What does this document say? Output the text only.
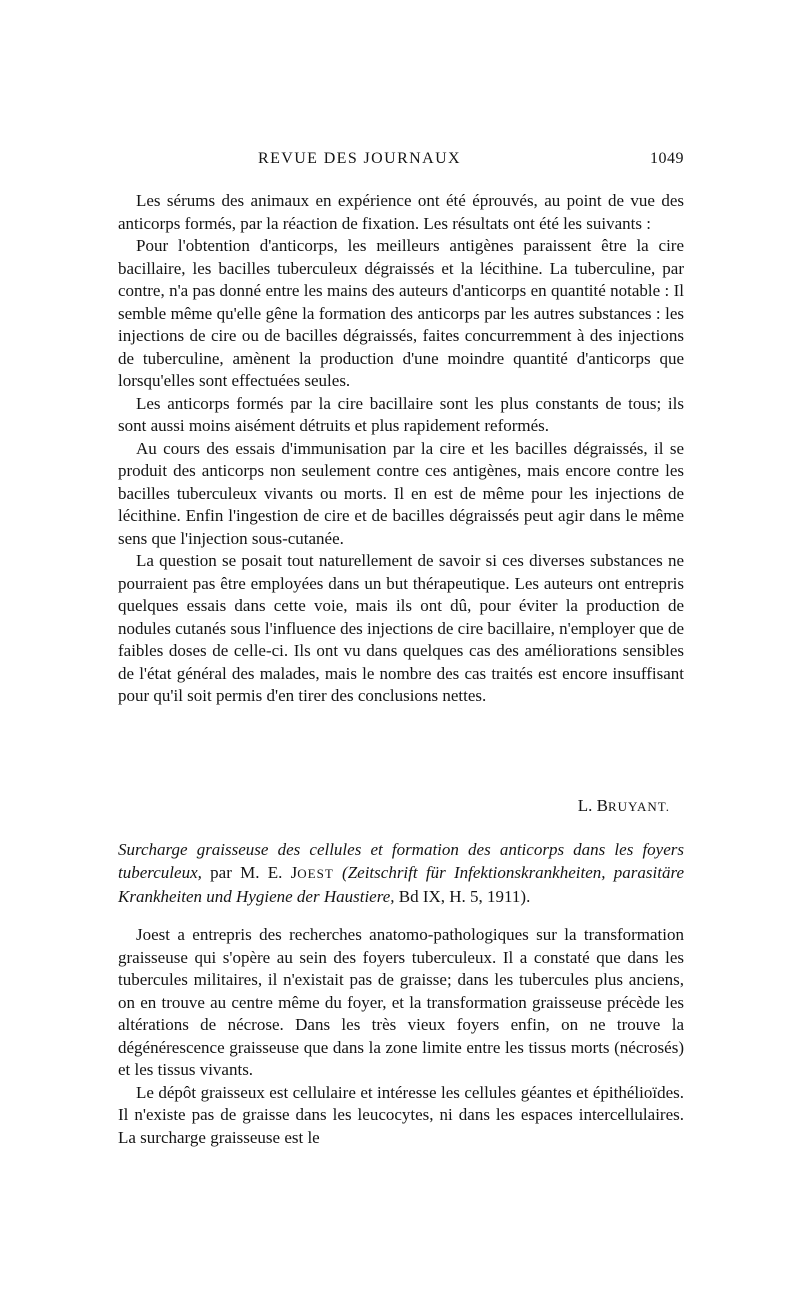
REVUE DES JOURNAUX	1049

Les sérums des animaux en expérience ont été éprouvés, au point de vue des anticorps formés, par la réaction de fixation. Les résultats ont été les suivants :

Pour l'obtention d'anticorps, les meilleurs antigènes paraissent être la cire bacillaire, les bacilles tuberculeux dégraissés et la lécithine. La tuberculine, par contre, n'a pas donné entre les mains des auteurs d'anticorps en quantité notable : Il semble même qu'elle gêne la formation des anticorps par les autres substances : les injections de cire ou de bacilles dégraissés, faites concurremment à des injections de tuberculine, amènent la production d'une moindre quantité d'anticorps que lorsqu'elles sont effectuées seules.

Les anticorps formés par la cire bacillaire sont les plus constants de tous; ils sont aussi moins aisément détruits et plus rapidement reformés.

Au cours des essais d'immunisation par la cire et les bacilles dégraissés, il se produit des anticorps non seulement contre ces antigènes, mais encore contre les bacilles tuberculeux vivants ou morts. Il en est de même pour les injections de lécithine. Enfin l'ingestion de cire et de bacilles dégraissés peut agir dans le même sens que l'injection sous-cutanée.

La question se posait tout naturellement de savoir si ces diverses substances ne pourraient pas être employées dans un but thérapeutique. Les auteurs ont entrepris quelques essais dans cette voie, mais ils ont dû, pour éviter la production de nodules cutanés sous l'influence des injections de cire bacillaire, n'employer que de faibles doses de celle-ci. Ils ont vu dans quelques cas des améliorations sensibles de l'état général des malades, mais le nombre des cas traités est encore insuffisant pour qu'il soit permis d'en tirer des conclusions nettes.

L. BRUYANT.
Surcharge graisseuse des cellules et formation des anticorps dans les foyers tuberculeux, par M. E. JOEST (Zeitschrift für Infektionskrankheiten, parasitäre Krankheiten und Hygiene der Haustiere, Bd IX, H. 5, 1911).

Joest a entrepris des recherches anatomo-pathologiques sur la transformation graisseuse qui s'opère au sein des foyers tuberculeux. Il a constaté que dans les tubercules militaires, il n'existait pas de graisse; dans les tubercules plus anciens, on en trouve au centre même du foyer, et la transformation graisseuse précède les altérations de nécrose. Dans les très vieux foyers enfin, on ne trouve la dégénérescence graisseuse que dans la zone limite entre les tissus morts (nécrosés) et les tissus vivants.

Le dépôt graisseux est cellulaire et intéresse les cellules géantes et épithélioïdes. Il n'existe pas de graisse dans les leucocytes, ni dans les espaces intercellulaires. La surcharge graisseuse est le
